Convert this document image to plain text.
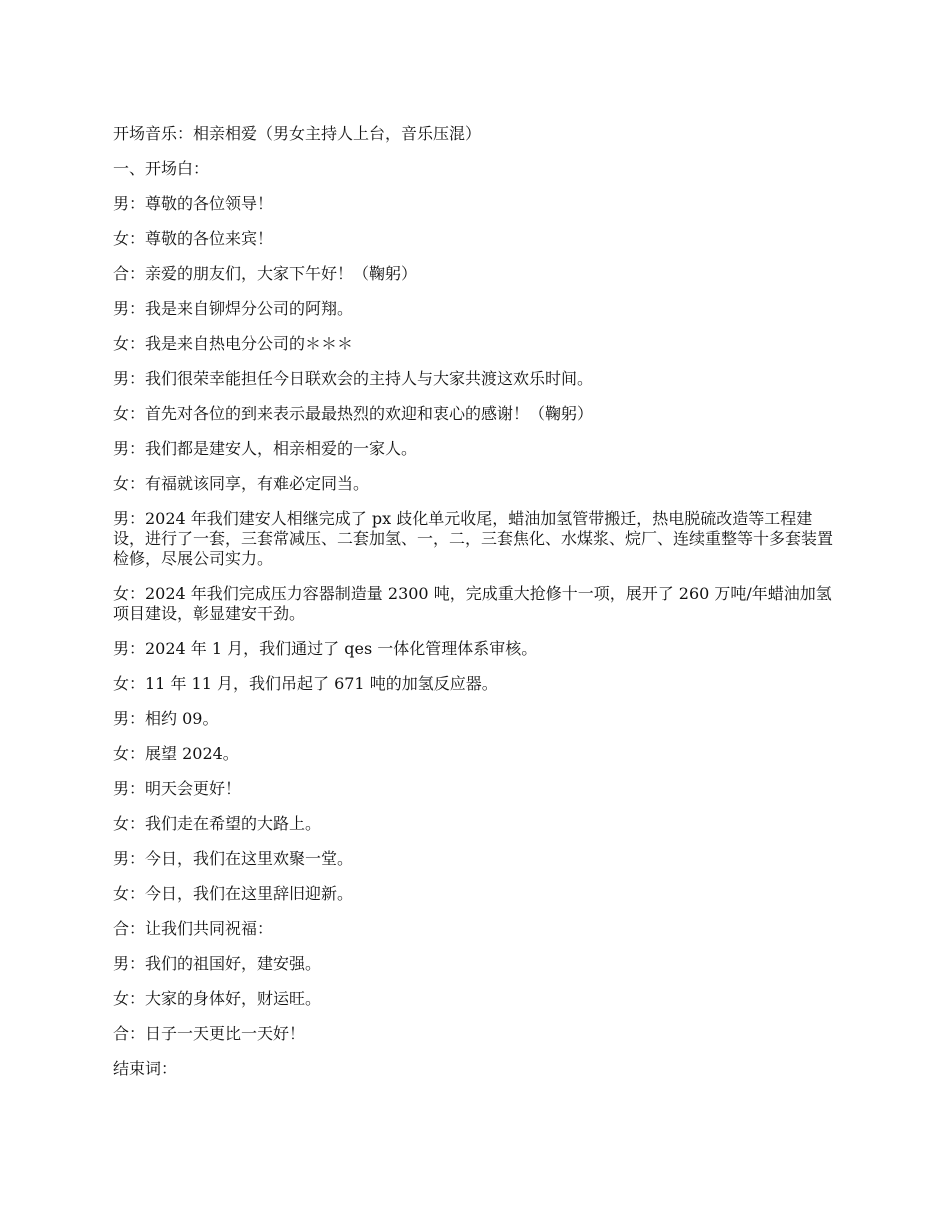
开场音乐：相亲相爱（男女主持人上台，音乐压混）

一、开场白：

男：尊敬的各位领导！

女：尊敬的各位来宾！

合：亲爱的朋友们，大家下午好！（鞠躬）

男：我是来自铆焊分公司的阿翔。

女：我是来自热电分公司的＊＊＊

男：我们很荣幸能担任今日联欢会的主持人与大家共渡这欢乐时间。

女：首先对各位的到来表示最最热烈的欢迎和衷心的感谢！（鞠躬）

男：我们都是建安人，相亲相爱的一家人。

女：有福就该同享，有难必定同当。

男：2024 年我们建安人相继完成了 px 歧化单元收尾，蜡油加氢管带搬迁，热电脱硫改造等工程建设，进行了一套，三套常减压、二套加氢、一，二，三套焦化、水煤浆、烷厂、连续重整等十多套装置检修，尽展公司实力。

女：2024 年我们完成压力容器制造量 2300 吨，完成重大抢修十一项，展开了 260 万吨/年蜡油加氢项目建设，彰显建安干劲。

男：2024 年 1 月，我们通过了 qes 一体化管理体系审核。

女：11 年 11 月，我们吊起了 671 吨的加氢反应器。

男：相约 09。

女：展望 2024。

男：明天会更好！

女：我们走在希望的大路上。

男：今日，我们在这里欢聚一堂。

女：今日，我们在这里辞旧迎新。

合：让我们共同祝福：

男：我们的祖国好，建安强。

女：大家的身体好，财运旺。

合：日子一天更比一天好！

结束词：
